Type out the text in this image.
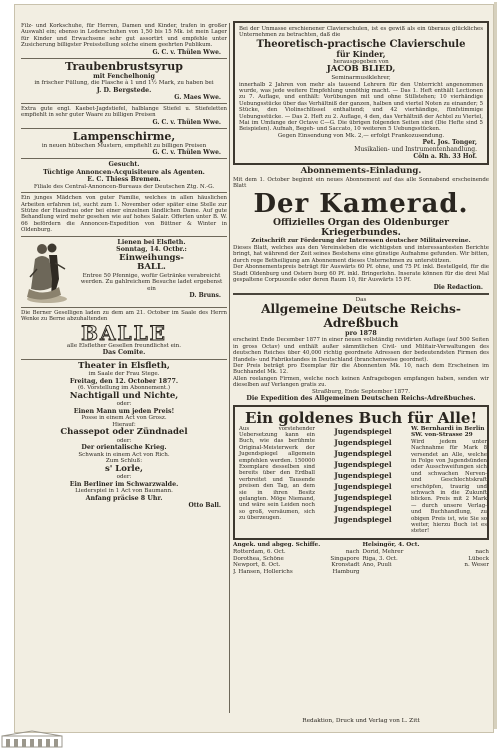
Filz- und Korkschuhe, für Herren, Damen und Kinder, trafen in großer Auswahl ein; ebenso in Lederschuhen von 1,50 bis 15 Mk. ist mein Lager für Kinder und Erwachsene sehr gut assortirt und empfehle unter Zusicherung billigster Preisstellung solche einem geehrten Publikum.
G. C. v. Thülen Wwe.
Traubenbrustsyrup
mit Fenchelhonig
in frischer Füllung, die Flasche à 1 und 1½ Mark, zu haben bei
J. D. Bergstede.
G. Maes Wwe.
Extra gute engl. Kaebet-Jagdstiefel, halblange Stiefel u. Stiefeletten empfiehlt in sehr guter Waare zu billigen Preisen
G. C. v. Thülen Wwe.
Lampenschirme,
in neuen hübschen Mustern, empfiehlt zu billigen Preisen
G. C. v. Thülen Wwe.
Gesucht.
Tüchtige Annoncen-Acquisiteure als Agenten.
E. C. Thiess Bremen.
Filiale des Central-Annoncen-Bureaus der Deutschen Ztg. N.-G.
Ein junges Mädchen von guter Familie, welches in allen häuslichen Arbeiten erfahren ist, sucht zum 1. November oder später eine Stelle zur Stütze der Hausfrau oder bei einer einzelnen ländlichen Dame. Auf gute Behandlung wird mehr gesehen wie auf hohes Salair. Offerten unter B. W. 66 befördern die Annoncen-Expedition von Büttner & Winter in Oldenburg.
Lienen bei Elsfleth.
Sonntag, 14. Octbr.:
Einweihungs-
BALL.
Entree 50 Pfennige, wofür Getränke verabreicht werden. Zu gahlreichem Besuche ladet ergebenst ein
D. Bruns.
Die Berner Geselligen laden zu dem am 21. October im Saale des Herrn Wenke zu Berne abzuhaltenden
BALLE
alle Elsflether Gesellen freundlichst ein.
Das Comite.
Theater in Elsfleth,
im Saale der Frau Stege.
Freitag, den 12. October 1877.
(6. Vorstellung im Abonnement.)
Nachtigall und Nichte,
oder:
Einen Mann um jeden Preis!
Posse in einem Act von Grosz.
Hierauf:
Chassepot oder Zündnadel
oder:
Der orientalische Krieg.
Schwank in einem Act von Rich.
Zum Schluß:
s' Lorle,
oder:
Ein Berliner im Schwarzwalde.
Liederspiel in 1 Act von Baumann.
Anfang präcise 8 Uhr.
Otto Ball.
Bei der Unmasse erschienener Clavierschulen, ist es gewiß als ein überaus glückliches Unternehmen zu betrachten, daß die
Theoretisch-practische Clavierschule
für Kinder,
herausgegeben von
JACOB BLIED,
Seminarmusiklehrer,
innerhalb 2 Jahren von mehr als tausend Lehrern für den Unterricht angenommen wurde, was jede weitere Empfehlung unnöthig macht. — Das 1. Heft enthält Lectionen zu 7. Auflage, und enthält: Vorübungen mit und ohne Stillstehen; 10 vierhändige Uebungsstücke über das Verhältniß der ganzen, halben und viertel Noten zu einander; 5 Stücke, den Violinschlüssel enthaltend; und 42 vierhändige, fünfstimmige Uebungsstücke. — Das 2. Heft zu 2. Auflage, 4 den, das Verhältniß der Achtel zu Viertel, Mai im Umfange der Octave C—G. Die übrigen folgenden Seiten sind (Die Hefte sind 5 Beispielen). Aufnah, Begeh- und Saccato, 10 weiteren 5 Uebungsstücken.
Gegen Einsendung von Mk. 2,— erfolgt Frankozusendung.
Pet. Jos. Tonger,
Musikalien- und Instrumentenhandlung.
Cöln a. Rh. 33 Hof.
Abonnements-Einladung.
Mit dem 1. October beginnt ein neues Abonnement auf das alle Sonnabend erscheinende Blatt
Der Kamerad.
Offizielles Organ des Oldenburger Kriegerbundes.
Zeitschrift zur Förderung der Interessen deutscher Militairvereine.
Dieses Blatt, welches aus den Vereinsleben die wichtigsten und interessantesten Berichte bringt, hat während der Zeit seines Bestehens eine günstige Aufnahme gefunden. Wir bitten, durch rege Betheiligung am Abonnement dieses Unternehmen zu unterstützen.
Der Abonnementspreis beträgt für Auswärts 60 Pf. ohne, und 75 Pf. inkl. Bestellgeld, für die Stadt Oldenburg und Ostern burg 60 Pf. inkl. Bringerlohn. Inserate können für die drei Mal gespaltene Corpuszeile oder deren Raum 10, für Auswärts 15 Pf.
Die Redaction.
Das
Allgemeine Deutsche Reichs-Adreßbuch
pro 1878
erscheint Ende December 1877 in einer neuen vollständig revidirten Auflage (auf 500 Seiten in gross Octav) und enthält außer sämmtlichen Civil- und Militair-Verwaltungen des deutschen Reiches über 40,000 richtig geordnete Adressen der bedeutendsten Firmen des Handels- und Fabrikstandes in Deutschland (branchenweise geordnet).
Der Preis beträgt pro Exemplar für die Abonnenten Mk. 10, nach dem Erscheinen im Buchhandel Mk. 12.
Allen reelangen Firmen, welche noch keinen Anfragebogen empfangen haben, senden wir dieselben auf Verlangen gratis zu.
Straßburg, Ende September 1877.
Die Expedition des Allgemeinen Deutschen Reichs-Adreßbuches.
Ein goldenes Buch für Alle!
Aus vorstehender Uebersetzung kann ein Buch, wie das berühmte Original-Meisterwerk der Jugendspiegel allgemein empfehlen werden. 150000 Exemplare desselben sind bereits über den Erdball verbreitet und Tausende preisen den Tag, an dem sie in ihren Besitz gelangten. Möge Niemand, und wäre sein Leiden noch so groß, versäumen, sich zu überzeugen.
Jugendspiegel
Jugendspiegel
Jugendspiegel
Jugendspiegel
Jugendspiegel
Jugendspiegel
Jugendspiegel
Jugendspiegel
Jugendspiegel
W. Bernhardi in Berlin SW. von-Strasse 29
Wird jedem unter Nachnahme für Mark 8 versendet an Alle, welche in Folge von Jugendsünden oder Ausschweifungen sich und schwachen Nerven- und Geschlechtskraft erschöpfen, traurig und schwach in die Zukunft blicken. Preis mit 2 Mark — durch unsere Verlag- und Buchhandlung, zu obigen Preis ist, wie Sie so weiter, hierzu Buch ist es steter!
Angek. und abgeg. Schiffe.
Rotterdam, 6. Oct.	nach
Dorothea, Schöne	Singapore
Newport, 8. Oct.	Kronstadt
J. Hansen, Hollerichs	Hamburg
Helsingör, 4. Oct.
Dorid, Mehrer	nach
Riga, 3. Oct.	Lübeck
Ano, Puuli	n. Weser
Redaktion, Druck und Verlag von L. Zitt
